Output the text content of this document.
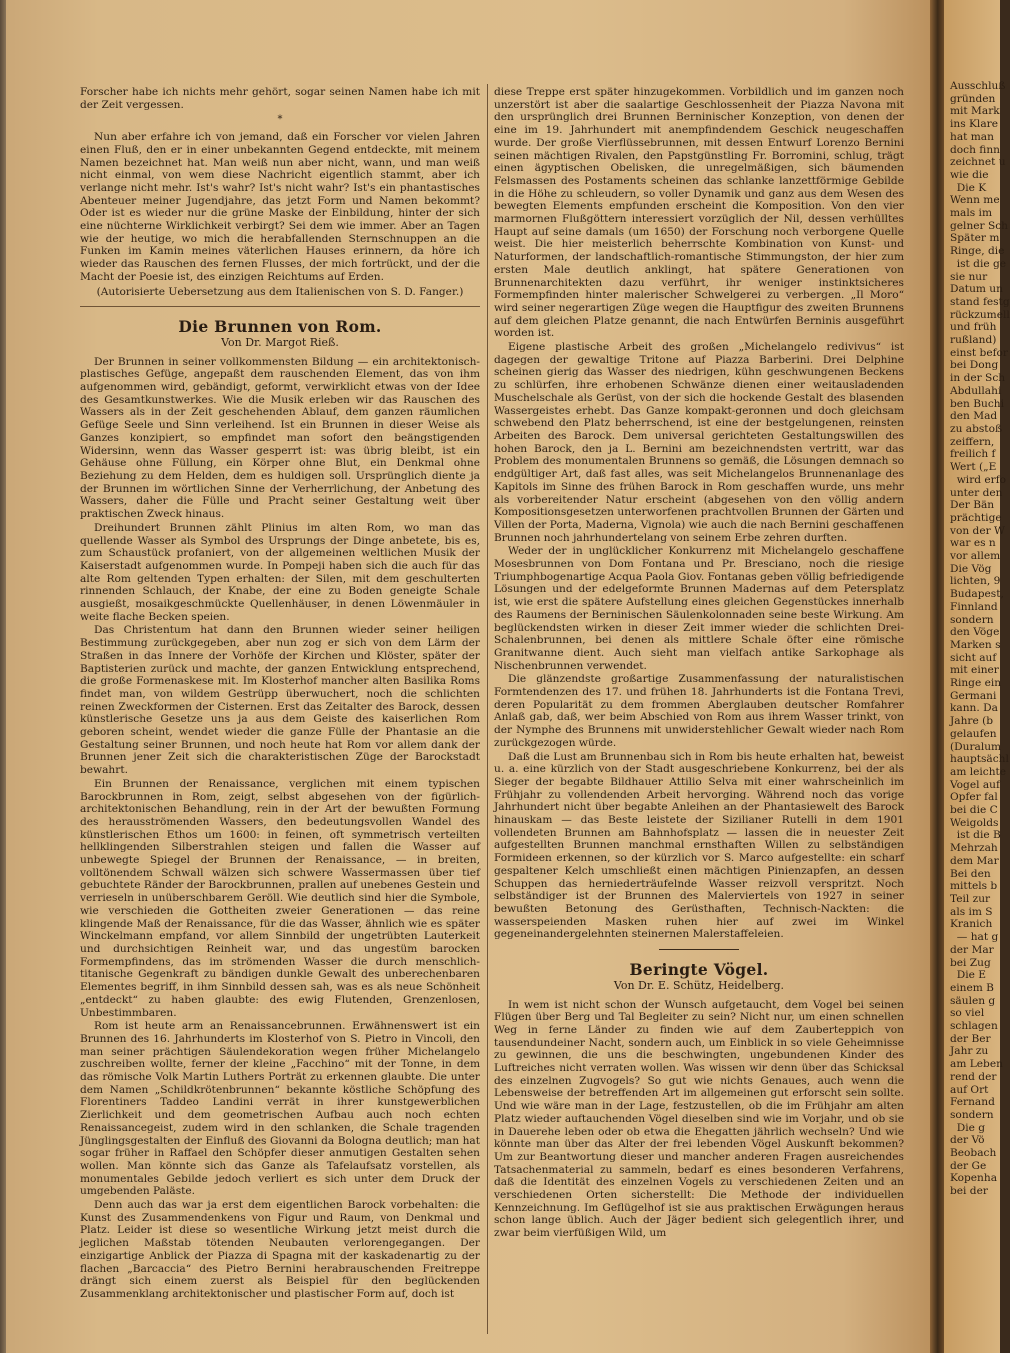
Forscher habe ich nichts mehr gehört, sogar seinen Namen habe ich mit der Zeit vergessen.

*

Nun aber erfahre ich von jemand, daß ein Forscher vor vielen Jahren einen Fluß, den er in einer unbekannten Gegend entdeckte, mit meinem Namen bezeichnet hat. Man weiß nun aber nicht, wann, und man weiß nicht einmal, von wem diese Nachricht eigentlich stammt, aber ich verlange nicht mehr. Ist's wahr? Ist's nicht wahr? Ist's ein phantastisches Abenteuer meiner Jugendjahre, das jetzt Form und Namen bekommt? Oder ist es wieder nur die grüne Maske der Einbildung, hinter der sich eine nüchterne Wirklichkeit verbirgt? Sei dem wie immer. Aber an Tagen wie der heutige, wo mich die herabfallenden Sternschnuppen an die Funken im Kamin meines väterlichen Hauses erinnern, da höre ich wieder das Rauschen des fernen Flusses, der mich fortrückt, und der die Macht der Poesie ist, des einzigen Reichtums auf Erden.

(Autorisierte Uebersetzung aus dem Italienischen von S. D. Fanger.)
Die Brunnen von Rom.
Von Dr. Margot Rieß.

Der Brunnen in seiner vollkommensten Bildung — ein architektonisch-plastisches Gefüge, angepaßt dem rauschenden Element, das von ihm aufgenommen wird, gebändigt, geformt, verwirklicht etwas von der Idee des Gesamtkunstwerkes. Wie die Musik erleben wir das Rauschen des Wassers als in der Zeit geschehenden Ablauf, dem ganzen räumlichen Gefüge Seele und Sinn verleihend. Ist ein Brunnen in dieser Weise als Ganzes konzipiert, so empfindet man sofort den beängstigenden Widersinn, wenn das Wasser gesperrt ist: was übrig bleibt, ist ein Gehäuse ohne Füllung, ein Körper ohne Blut, ein Denkmal ohne Beziehung zu dem Helden, dem es huldigen soll. Ursprünglich diente ja der Brunnen im wörtlichen Sinne der Verherrlichung, der Anbetung des Wassers, daher die Fülle und Pracht seiner Gestaltung weit über praktischen Zweck hinaus.

Dreihundert Brunnen zählt Plinius im alten Rom, wo man das quellende Wasser als Symbol des Ursprungs der Dinge anbetete, bis es, zum Schaustück profaniert, von der allgemeinen weltlichen Musik der Kaiserstadt aufgenommen wurde. In Pompeji haben sich die auch für das alte Rom geltenden Typen erhalten: der Silen, mit dem geschulterten rinnenden Schlauch, der Knabe, der eine zu Boden geneigte Schale ausgießt, mosaikgeschmückte Quellenhäuser, in denen Löwenmäuler in weite flache Becken speien.

Das Christentum hat dann den Brunnen wieder seiner heiligen Bestimmung zurückgegeben, aber nun zog er sich von dem Lärm der Straßen in das Innere der Vorhöfe der Kirchen und Klöster, später der Baptisterien zurück und machte, der ganzen Entwicklung entsprechend, die große Formenaskese mit. Im Klosterhof mancher alten Basilika Roms findet man, von wildem Gestrüpp überwuchert, noch die schlichten reinen Zweckformen der Cisternen. Erst das Zeitalter des Barock, dessen künstlerische Gesetze uns ja aus dem Geiste des kaiserlichen Rom geboren scheint, wendet wieder die ganze Fülle der Phantasie an die Gestaltung seiner Brunnen, und noch heute hat Rom vor allem dank der Brunnen jener Zeit sich die charakteristischen Züge der Barockstadt bewahrt.

Ein Brunnen der Renaissance, verglichen mit einem typischen Barockbrunnen in Rom, zeigt, selbst abgesehen von der figürlich-architektonischen Behandlung, rein in der Art der bewußten Formung des herausströmenden Wassers, den bedeutungsvollen Wandel des künstlerischen Ethos um 1600: in feinen, oft symmetrisch verteilten hellklingenden Silberstrahlen steigen und fallen die Wasser auf unbewegte Spiegel der Brunnen der Renaissance, — in breiten, volltönendem Schwall wälzen sich schwere Wassermassen über tief gebuchtete Ränder der Barockbrunnen, prallen auf unebenes Gestein und verrieseln in unüberschbarem Geröll. Wie deutlich sind hier die Symbole, wie verschieden die Gottheiten zweier Generationen — das reine klingende Maß der Renaissance, für die das Wasser, ähnlich wie es später Winckelmann empfand, vor allem Sinnbild der ungetrübten Lauterkeit und durchsichtigen Reinheit war, und das ungestüm barocken Formempfindens, das im strömenden Wasser die durch menschlich-titanische Gegenkraft zu bändigen dunkle Gewalt des unberechenbaren Elementes begriff, in ihm Sinnbild dessen sah, was es als neue Schönheit „entdeckt“ zu haben glaubte: des ewig Flutenden, Grenzenlosen, Unbestimmbaren.

Rom ist heute arm an Renaissancebrunnen. Erwähnenswert ist ein Brunnen des 16. Jahrhunderts im Klosterhof von S. Pietro in Vincoli, den man seiner prächtigen Säulendekoration wegen früher Michelangelo zuschreiben wollte, ferner der kleine „Facchino“ mit der Tonne, in dem das römische Volk Martin Luthers Porträt zu erkennen glaubte. Die unter dem Namen „Schildkrötenbrunnen“ bekannte köstliche Schöpfung des Florentiners Taddeo Landini verrät in ihrer kunstgewerblichen Zierlichkeit und dem geometrischen Aufbau auch noch echten Renaissancegeist, zudem wird in den schlanken, die Schale tragenden Jünglingsgestalten der Einfluß des Giovanni da Bologna deutlich; man hat sogar früher in Raffael den Schöpfer dieser anmutigen Gestalten sehen wollen. Man könnte sich das Ganze als Tafelaufsatz vorstellen, als monumentales Gebilde jedoch verliert es sich unter dem Druck der umgebenden Paläste.

Denn auch das war ja erst dem eigentlichen Barock vorbehalten: die Kunst des Zusammendenkens von Figur und Raum, von Denkmal und Platz. Leider ist diese so wesentliche Wirkung jetzt meist durch die jeglichen Maßstab tötenden Neubauten verlorengegangen. Der einzigartige Anblick der Piazza di Spagna mit der kaskadenartig zu der flachen „Barcaccia“ des Pietro Bernini herabrauschenden Freitreppe drängt sich einem zuerst als Beispiel für den beglückenden Zusammenklang architektonischer und plastischer Form auf, doch ist

diese Treppe erst später hinzugekommen. Vorbildlich und im ganzen noch unzerstört ist aber die saalartige Geschlossenheit der Piazza Navona mit den ursprünglich drei Brunnen Berninischer Konzeption, von denen der eine im 19. Jahrhundert mit anempfindendem Geschick neugeschaffen wurde. Der große Vierflüssebrunnen, mit dessen Entwurf Lorenzo Bernini seinen mächtigen Rivalen, den Papstgünstling Fr. Borromini, schlug, trägt einen ägyptischen Obelisken, die unregelmäßigen, sich bäumenden Felsmassen des Postaments scheinen das schlanke lanzettförmige Gebilde in die Höhe zu schleudern, so voller Dynamik und ganz aus dem Wesen des bewegten Elements empfunden erscheint die Komposition. Von den vier marmornen Flußgöttern interessiert vorzüglich der Nil, dessen verhülltes Haupt auf seine damals (um 1650) der Forschung noch verborgene Quelle weist. Die hier meisterlich beherrschte Kombination von Kunst- und Naturformen, der landschaftlich-romantische Stimmungston, der hier zum ersten Male deutlich anklingt, hat spätere Generationen von Brunnenarchitekten dazu verführt, ihr weniger instinktsicheres Formempfinden hinter malerischer Schwelgerei zu verbergen. „Il Moro“ wird seiner negerartigen Züge wegen die Hauptfigur des zweiten Brunnens auf dem gleichen Platze genannt, die nach Entwürfen Berninis ausgeführt worden ist.

Eigene plastische Arbeit des großen „Michelangelo redivivus“ ist dagegen der gewaltige Tritone auf Piazza Barberini. Drei Delphine scheinen gierig das Wasser des niedrigen, kühn geschwungenen Beckens zu schlürfen, ihre erhobenen Schwänze dienen einer weitausladenden Muschelschale als Gerüst, von der sich die hockende Gestalt des blasenden Wassergeistes erhebt. Das Ganze kompakt-geronnen und doch gleichsam schwebend den Platz beherrschend, ist eine der bestgelungenen, reinsten Arbeiten des Barock. Dem universal gerichteten Gestaltungswillen des hohen Barock, den ja L. Bernini am bezeichnendsten vertritt, war das Problem des monumentalen Brunnens so gemäß, die Lösungen demnach so endgültiger Art, daß fast alles, was seit Michelangelos Brunnenanlage des Kapitols im Sinne des frühen Barock in Rom geschaffen wurde, uns mehr als vorbereitender Natur erscheint (abgesehen von den völlig andern Kompositionsgesetzen unterworfenen prachtvollen Brunnen der Gärten und Villen der Porta, Maderna, Vignola) wie auch die nach Bernini geschaffenen Brunnen noch jahrhundertelang von seinem Erbe zehren durften.

Weder der in unglücklicher Konkurrenz mit Michelangelo geschaffene Mosesbrunnen von Dom Fontana und Pr. Bresciano, noch die riesige Triumphbogenartige Acqua Paola Giov. Fontanas geben völlig befriedigende Lösungen und der edelgeformte Brunnen Madernas auf dem Petersplatz ist, wie erst die spätere Aufstellung eines gleichen Gegenstückes innerhalb des Raumens der Berninischen Säulenkolonnaden seine beste Wirkung. Am beglückendsten wirken in dieser Zeit immer wieder die schlichten Drei-Schalenbrunnen, bei denen als mittlere Schale öfter eine römische Granitwanne dient. Auch sieht man vielfach antike Sarkophage als Nischenbrunnen verwendet.

Die glänzendste großartige Zusammenfassung der naturalistischen Formtendenzen des 17. und frühen 18. Jahrhunderts ist die Fontana Trevi, deren Popularität zu dem frommen Aberglauben deutscher Romfahrer Anlaß gab, daß, wer beim Abschied von Rom aus ihrem Wasser trinkt, von der Nymphe des Brunnens mit unwiderstehlicher Gewalt wieder nach Rom zurückgezogen würde.

Daß die Lust am Brunnenbau sich in Rom bis heute erhalten hat, beweist u. a. eine kürzlich von der Stadt ausgeschriebene Konkurrenz, bei der als Sieger der begabte Bildhauer Attilio Selva mit einer wahrscheinlich im Frühjahr zu vollendenden Arbeit hervorging. Während noch das vorige Jahrhundert nicht über begabte Anleihen an der Phantasiewelt des Barock hinauskam — das Beste leistete der Sizilianer Rutelli in dem 1901 vollendeten Brunnen am Bahnhofsplatz — lassen die in neuester Zeit aufgestellten Brunnen manchmal ernsthaften Willen zu selbständigen Formideen erkennen, so der kürzlich vor S. Marco aufgestellte: ein scharf gespaltener Kelch umschließt einen mächtigen Pinienzapfen, an dessen Schuppen das herniederträufelnde Wasser reizvoll verspritzt. Noch selbständiger ist der Brunnen des Malerviertels von 1927 in seiner bewußten Betonung des Gerüsthaften, Technisch-Nackten: die wasserspeienden Masken ruhen hier auf zwei im Winkel gegeneinandergelehnten steinernen Malerstaffeleien.

Beringte Vögel.
Von Dr. E. Schütz, Heidelberg.

In wem ist nicht schon der Wunsch aufgetaucht, dem Vogel bei seinen Flügen über Berg und Tal Begleiter zu sein? Nicht nur, um einen schnellen Weg in ferne Länder zu finden wie auf dem Zauberteppich von tausendundeiner Nacht, sondern auch, um Einblick in so viele Geheimnisse zu gewinnen, die uns die beschwingten, ungebundenen Kinder des Luftreiches nicht verraten wollen. Was wissen wir denn über das Schicksal des einzelnen Zugvogels? So gut wie nichts Genaues, auch wenn die Lebensweise der betreffenden Art im allgemeinen gut erforscht sein sollte. Und wie wäre man in der Lage, festzustellen, ob die im Frühjahr am alten Platz wieder auftauchenden Vögel dieselben sind wie im Vorjahr, und ob sie in Dauerehe leben oder ob etwa die Ehegatten jährlich wechseln? Und wie könnte man über das Alter der frei lebenden Vögel Auskunft bekommen? Um zur Beantwortung dieser und mancher anderen Fragen ausreichendes Tatsachenmaterial zu sammeln, bedarf es eines besonderen Verfahrens, daß die Identität des einzelnen Vogels zu verschiedenen Zeiten und an verschiedenen Orten sicherstellt: Die Methode der individuellen Kennzeichnung. Im Geflügelhof ist sie aus praktischen Erwägungen heraus schon lange üblich. Auch der Jäger bedient sich gelegentlich ihrer, und zwar beim vierfüßigen Wild, um

Ausschluß
gründen
mit Mark
ins Klare
hat man
doch finn
zeichnet u
wie die
Die K
Wenn me
mals im
gelner Sch
Später m
Ringe, die
ist die ge
sie nur
Datum un
stand festg
rückzumell
und früh
rußland)
einst befor
bei Dong
in der Sch
Abdullahi
ben Buchi
den Mad
zu abstoß
zeiffern,
freilich f
Wert („E
wird erfo
unter den
Der Bän
prächtige
von der W
war es n
vor allem
Die Vög
lichten, 9
Budapest,
Finnland
sondern
den Vöge
Marken s
sicht auf
mit einer
Ringe ein
Germani
kann. Da
Jahre (b
gelaufen
(Duralum
hauptsächl
am leichte
Vogel auf
Opfer fal
bei die C
Weigolds
ist die B
Mehrzah
dem Mar
Bei den
mittels b
Teil zur
als im S
Kranich
— hat g
der Mar
bei Zug
Die E
einem B
säulen g
so viel
schlagen
der Ber
Jahr zu
am Leben
rend der
auf Ort
Fernand
sondern
Die g
der Vö
Beobach
der Ge
Kopenha
bei der
